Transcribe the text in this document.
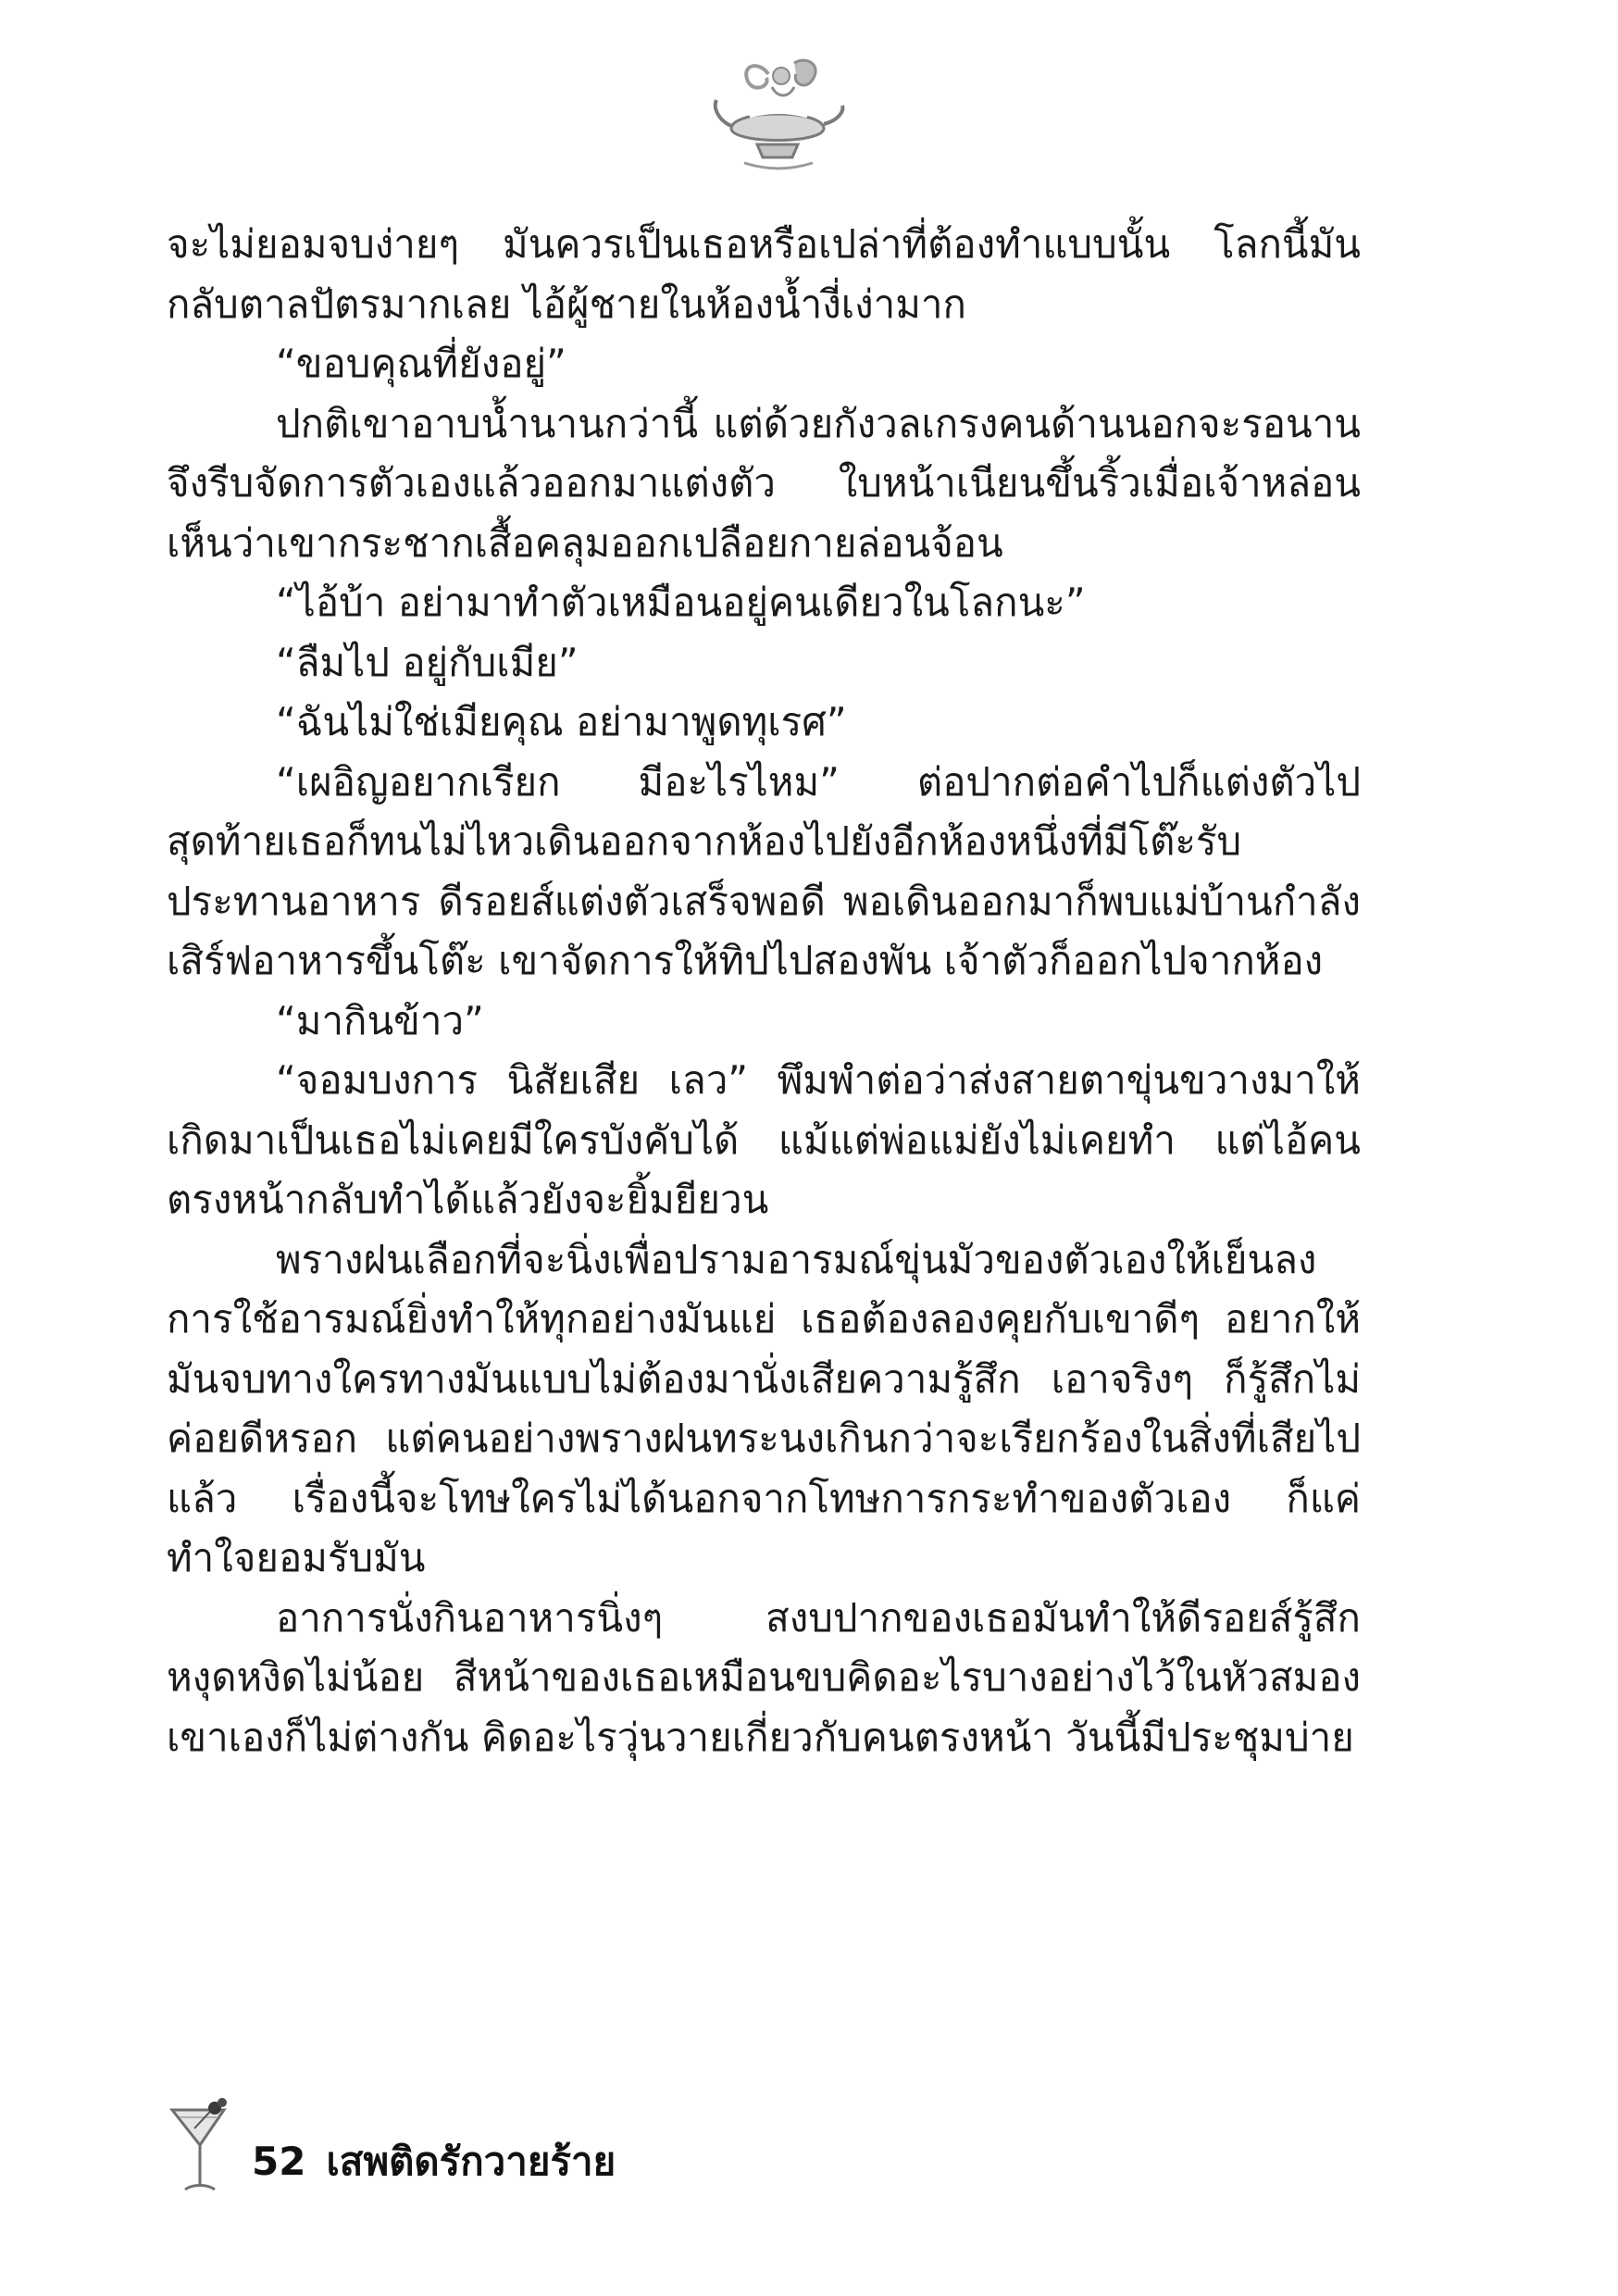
จะไม่ยอมจบง่ายๆ มันควรเป็นเธอหรือเปล่าที่ต้องทำแบบนั้น โลกนี้มันกลับตาลปัตรมากเลย ไอ้ผู้ชายในห้องน้ำงี่เง่ามาก

“ขอบคุณที่ยังอยู่”

ปกติเขาอาบน้ำนานกว่านี้ แต่ด้วยกังวลเกรงคนด้านนอกจะรอนาน จึงรีบจัดการตัวเองแล้วออกมาแต่งตัว ใบหน้าเนียนขึ้นริ้วเมื่อเจ้าหล่อนเห็นว่าเขากระชากเสื้อคลุมออกเปลือยกายล่อนจ้อน

“ไอ้บ้า อย่ามาทำตัวเหมือนอยู่คนเดียวในโลกนะ”

“ลืมไป อยู่กับเมีย”

“ฉันไม่ใช่เมียคุณ อย่ามาพูดทุเรศ”

“เผอิญอยากเรียก มีอะไรไหม” ต่อปากต่อคำไปก็แต่งตัวไป สุดท้ายเธอก็ทนไม่ไหวเดินออกจากห้องไปยังอีกห้องหนึ่งที่มีโต๊ะรับประทานอาหาร ดีรอยส์แต่งตัวเสร็จพอดี พอเดินออกมาก็พบแม่บ้านกำลังเสิร์ฟอาหารขึ้นโต๊ะ เขาจัดการให้ทิปไปสองพัน เจ้าตัวก็ออกไปจากห้อง

“มากินข้าว”

“จอมบงการ นิสัยเสีย เลว” พึมพำต่อว่าส่งสายตาขุ่นขวางมาให้ เกิดมาเป็นเธอไม่เคยมีใครบังคับได้ แม้แต่พ่อแม่ยังไม่เคยทำ แต่ไอ้คนตรงหน้ากลับทำได้แล้วยังจะยิ้มยียวน

พรางฝนเลือกที่จะนิ่งเพื่อปรามอารมณ์ขุ่นมัวของตัวเองให้เย็นลง การใช้อารมณ์ยิ่งทำให้ทุกอย่างมันแย่ เธอต้องลองคุยกับเขาดีๆ อยากให้มันจบทางใครทางมันแบบไม่ต้องมานั่งเสียความรู้สึก เอาจริงๆ ก็รู้สึกไม่ค่อยดีหรอก แต่คนอย่างพรางฝนทระนงเกินกว่าจะเรียกร้องในสิ่งที่เสียไปแล้ว เรื่องนี้จะโทษใครไม่ได้นอกจากโทษการกระทำของตัวเอง ก็แค่ทำใจยอมรับมัน

อาการนั่งกินอาหารนิ่งๆ สงบปากของเธอมันทำให้ดีรอยส์รู้สึกหงุดหงิดไม่น้อย สีหน้าของเธอเหมือนขบคิดอะไรบางอย่างไว้ในหัวสมอง เขาเองก็ไม่ต่างกัน คิดอะไรวุ่นวายเกี่ยวกับคนตรงหน้า วันนี้มีประชุมบ่าย

52 เสพติดรักวายร้าย
